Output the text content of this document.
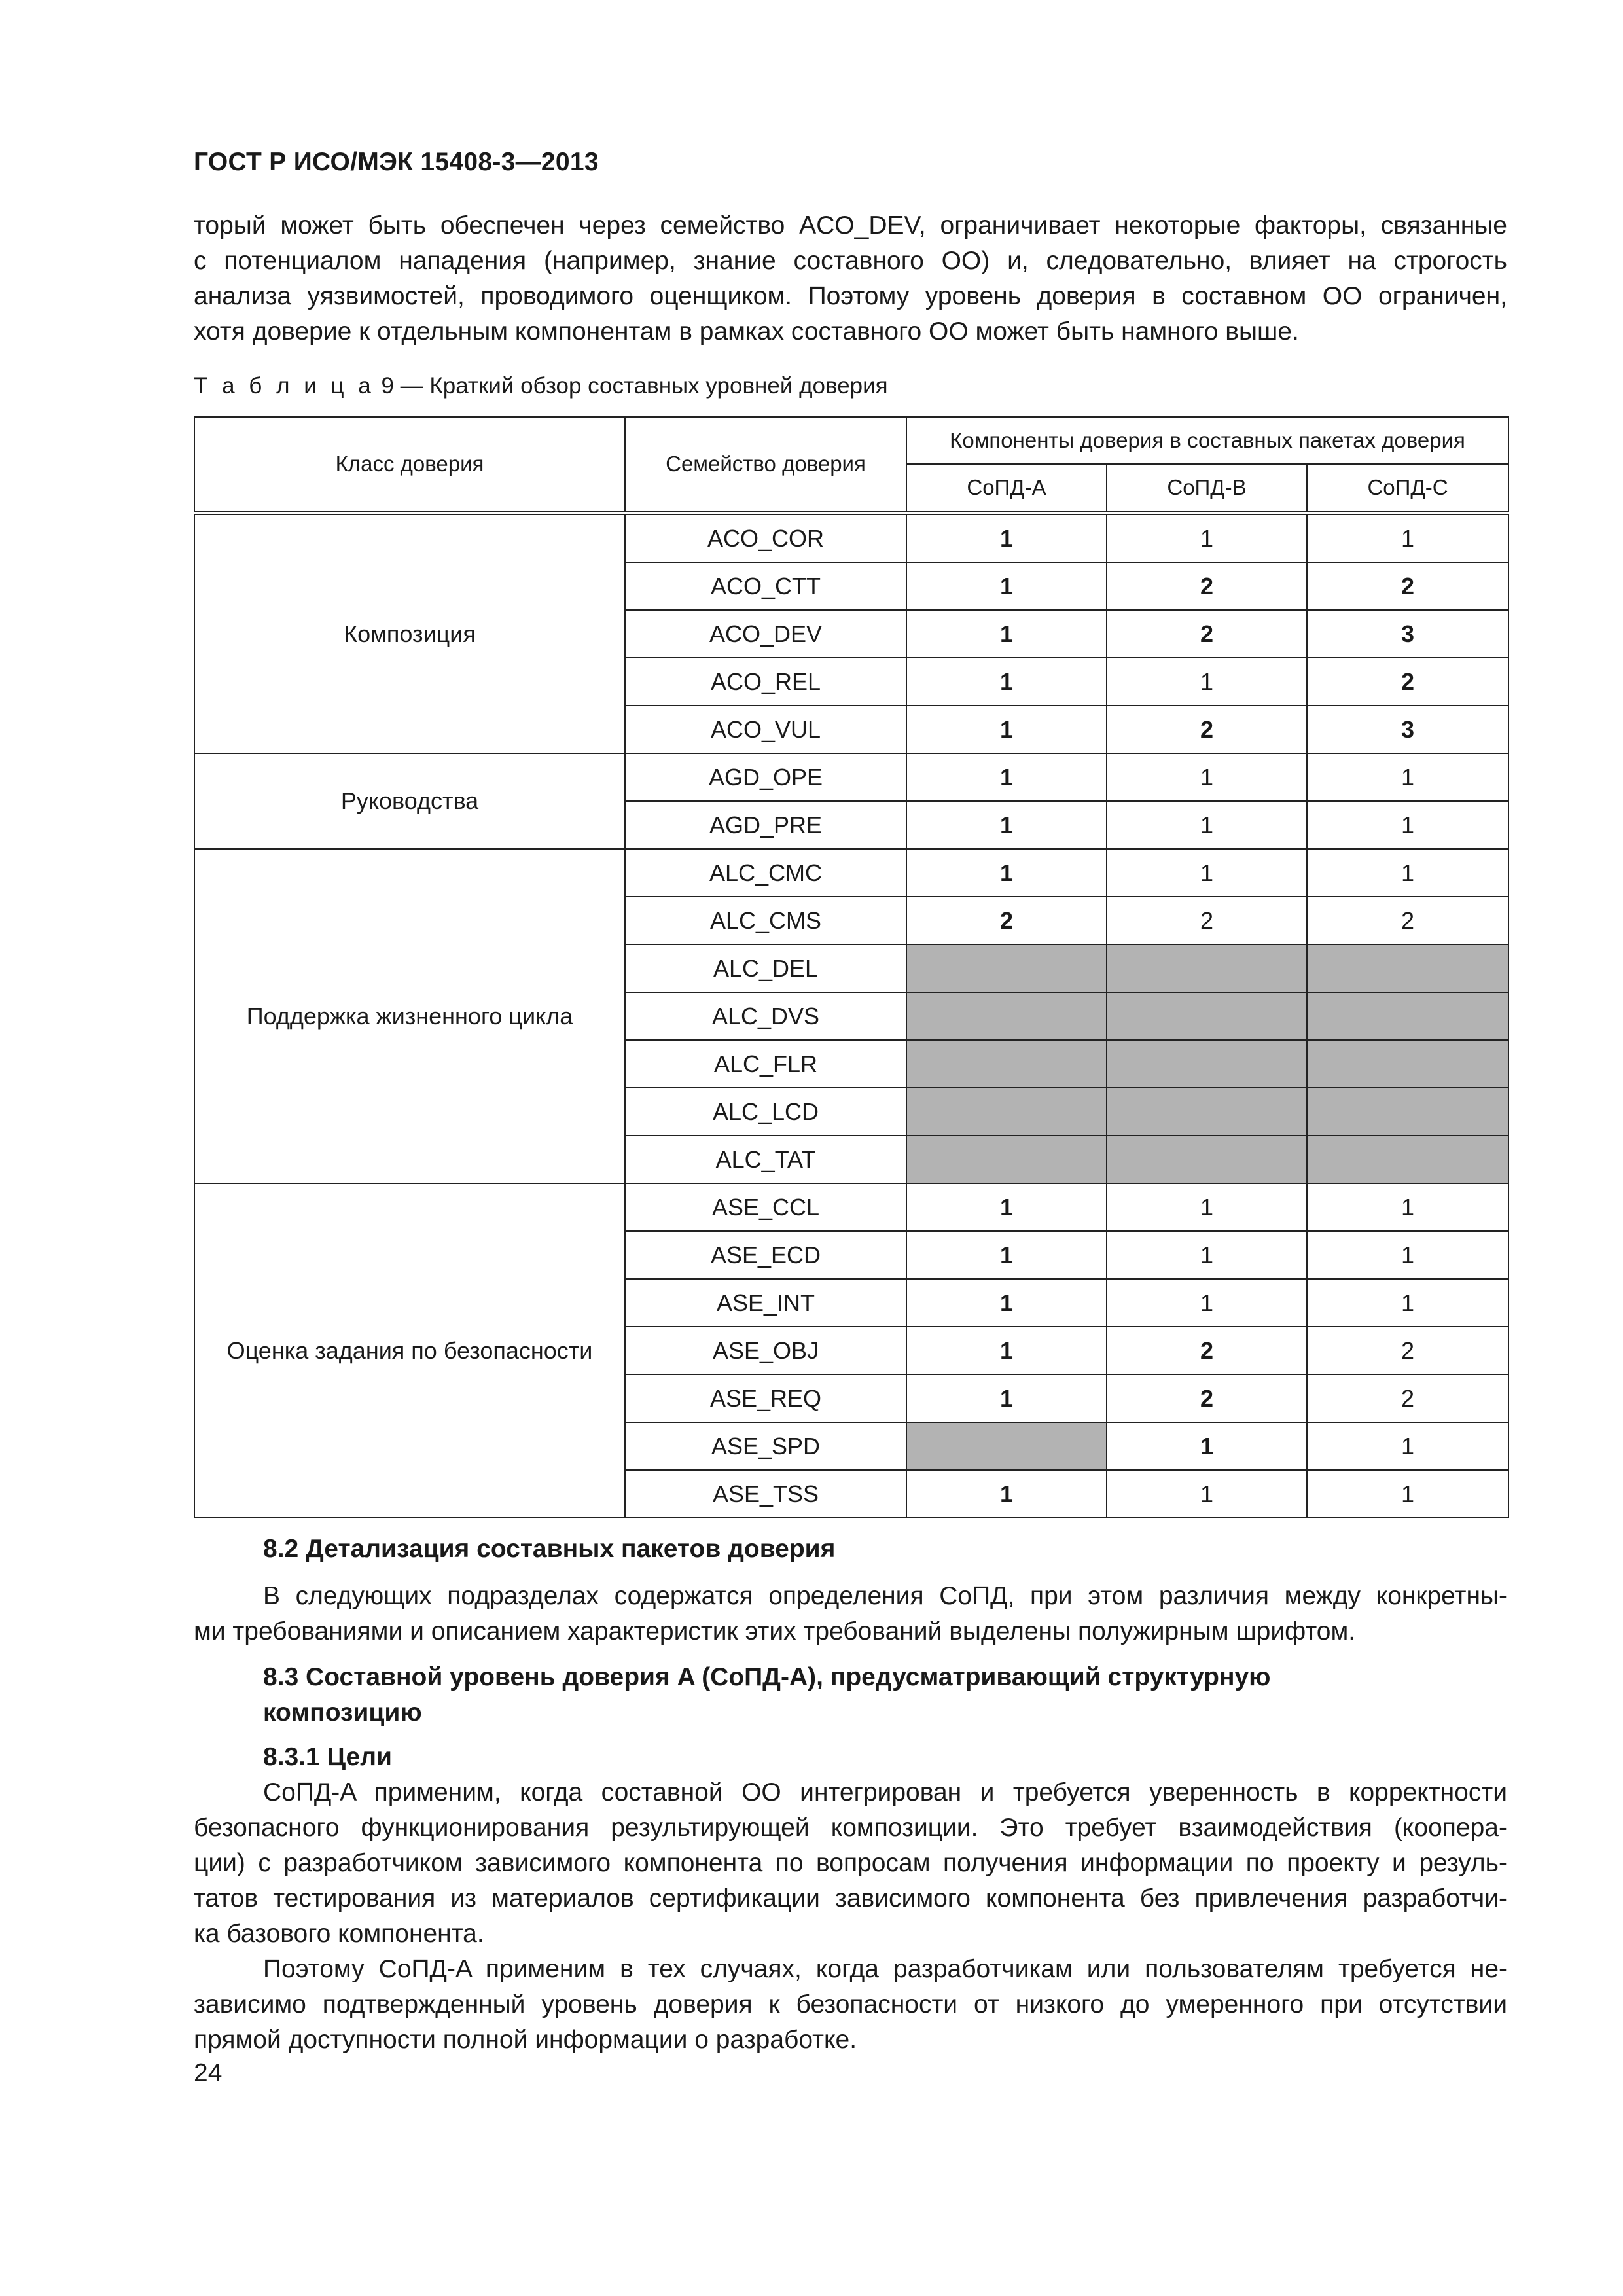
ГОСТ Р ИСО/МЭК 15408-3—2013
торый может быть обеспечен через семейство ACO_DEV, ограничивает некоторые факторы, связанные
с потенциалом нападения (например, знание составного ОО) и, следовательно, влияет на строгость
анализа уязвимостей, проводимого оценщиком. Поэтому уровень доверия в составном ОО ограничен,
хотя доверие к отдельным компонентам в рамках составного ОО может быть намного выше.
Т а б л и ц а 9 — Краткий обзор составных уровней доверия
Класс доверия	Семейство доверия	Компоненты доверия в составных пакетах доверия		
		СоПД-A	СоПД-B	СоПД-C
Композиция	ACO_COR	1	1	1
	ACO_CTT	1	2	2
	ACO_DEV	1	2	3
	ACO_REL	1	1	2
	ACO_VUL	1	2	3
Руководства	AGD_OPE	1	1	1
	AGD_PRE	1	1	1
Поддержка жизненного цикла	ALC_CMC	1	1	1
	ALC_CMS	2	2	2
	ALC_DEL			
	ALC_DVS			
	ALC_FLR			
	ALC_LCD			
	ALC_TAT			
Оценка задания по безопасности	ASE_CCL	1	1	1
	ASE_ECD	1	1	1
	ASE_INT	1	1	1
	ASE_OBJ	1	2	2
	ASE_REQ	1	2	2
	ASE_SPD		1	1
	ASE_TSS	1	1	1
8.2 Детализация составных пакетов доверия
В следующих подразделах содержатся определения СоПД, при этом различия между конкретны-
ми требованиями и описанием характеристик этих требований выделены полужирным шрифтом.
8.3 Составной уровень доверия A (СоПД-A), предусматривающий структурную
композицию
8.3.1 Цели
СоПД-A применим, когда составной ОО интегрирован и требуется уверенность в корректности
безопасного функционирования результирующей композиции. Это требует взаимодействия (коопера-
ции) с разработчиком зависимого компонента по вопросам получения информации по проекту и резуль-
татов тестирования из материалов сертификации зависимого компонента без привлечения разработчи-
ка базового компонента.
Поэтому СоПД-A применим в тех случаях, когда разработчикам или пользователям требуется не-
зависимо подтвержденный уровень доверия к безопасности от низкого до умеренного при отсутствии
прямой доступности полной информации о разработке.
24
